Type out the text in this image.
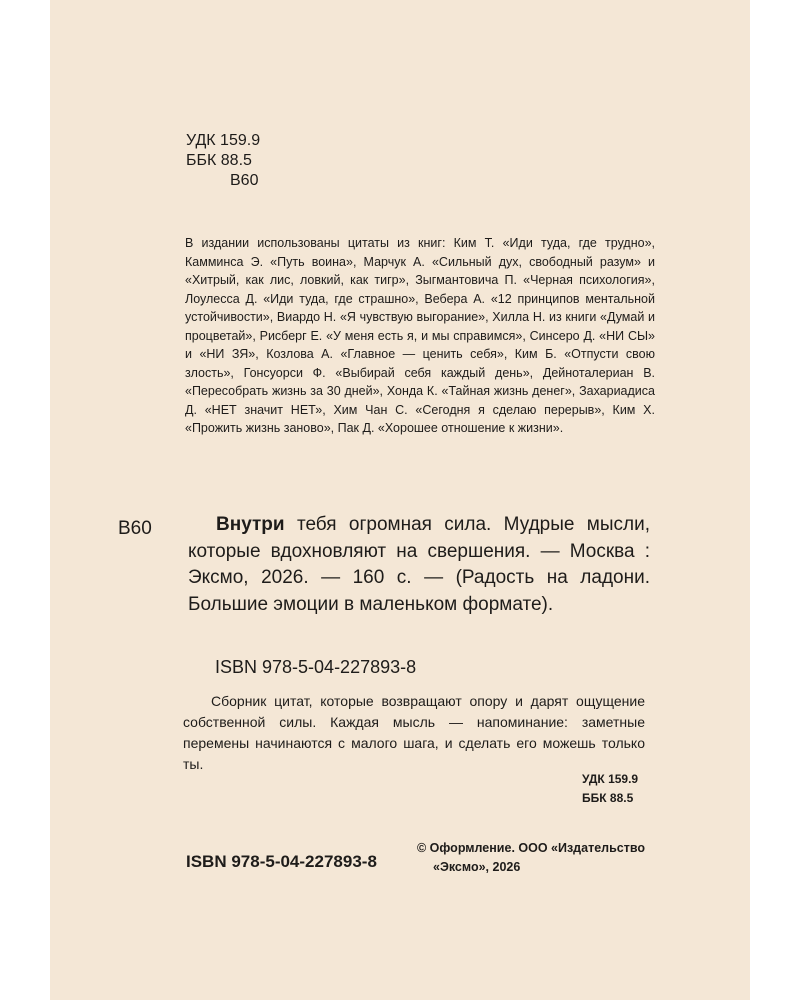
УДК 159.9
ББК 88.5
В60
В издании использованы цитаты из книг: Ким Т. «Иди туда, где трудно», Камминса Э. «Путь воина», Марчук А. «Сильный дух, свободный разум» и «Хитрый, как лис, ловкий, как тигр», Зыгмантовича П. «Черная психология», Лоулесса Д. «Иди туда, где страшно», Вебера А. «12 принципов ментальной устойчивости», Виардо Н. «Я чувствую выгорание», Хилла Н. из книги «Думай и процветай», Рисберг Е. «У меня есть я, и мы справимся», Синсеро Д. «НИ СЫ» и «НИ ЗЯ», Козлова А. «Главное — ценить себя», Ким Б. «Отпусти свою злость», Гонсуорси Ф. «Выбирай себя каждый день», Дейноталериан В. «Пересобрать жизнь за 30 дней», Хонда К. «Тайная жизнь денег», Захариадиса Д. «НЕТ значит НЕТ», Хим Чан С. «Сегодня я сделаю перерыв», Ким Х. «Прожить жизнь заново», Пак Д. «Хорошее отношение к жизни».
В60	Внутри тебя огромная сила. Мудрые мысли, которые вдохновляют на свершения. — Москва : Эксмо, 2026. — 160 с. — (Радость на ладони. Большие эмоции в маленьком формате).
ISBN 978-5-04-227893-8
Сборник цитат, которые возвращают опору и дарят ощущение собственной силы. Каждая мысль — напоминание: заметные перемены начинаются с малого шага, и сделать его можешь только ты.
УДК 159.9
ББК 88.5
ISBN 978-5-04-227893-8
© Оформление. ООО «Издательство
«Эксмо», 2026
